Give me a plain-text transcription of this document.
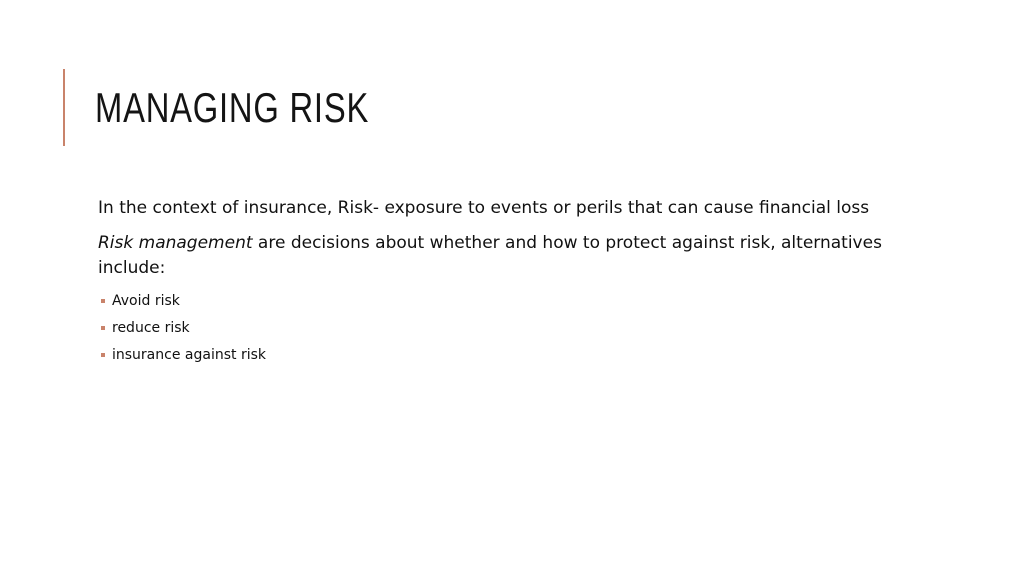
MANAGING RISK

In the context of insurance, Risk- exposure to events or perils that can cause financial loss

Risk management are decisions about whether and how to protect against risk, alternatives include:

Avoid risk
reduce risk
insurance against risk
